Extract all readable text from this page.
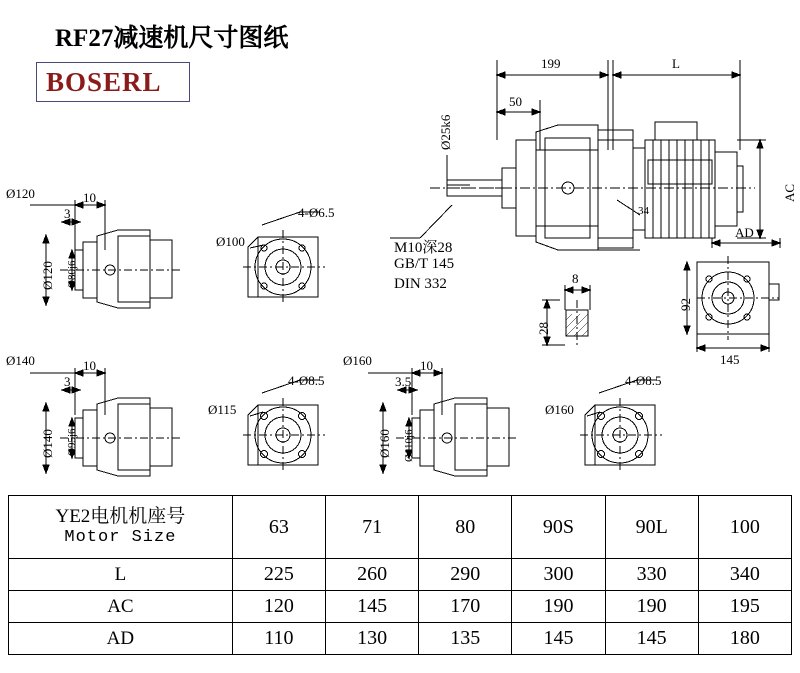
RF27减速机尺寸图纸
BOSERL
199	L
50
Ø25k6
AC
AD
M10深28
GB/T 145
DIN 332
34
8
28
92
145
Ø120	10
3
Ø120 Ø80j6
Ø100
4-Ø6.5
Ø140	10
3
Ø140 Ø95j6
Ø115
4-Ø8.5
Ø160	10
3.5
Ø160 Ø110j6
Ø160
4-Ø8.5
YE2电机机座号
Motor Size	63	71	80	90S	90L	100
L	225	260	290	300	330	340
AC	120	145	170	190	190	195
AD	110	130	135	145	145	180
